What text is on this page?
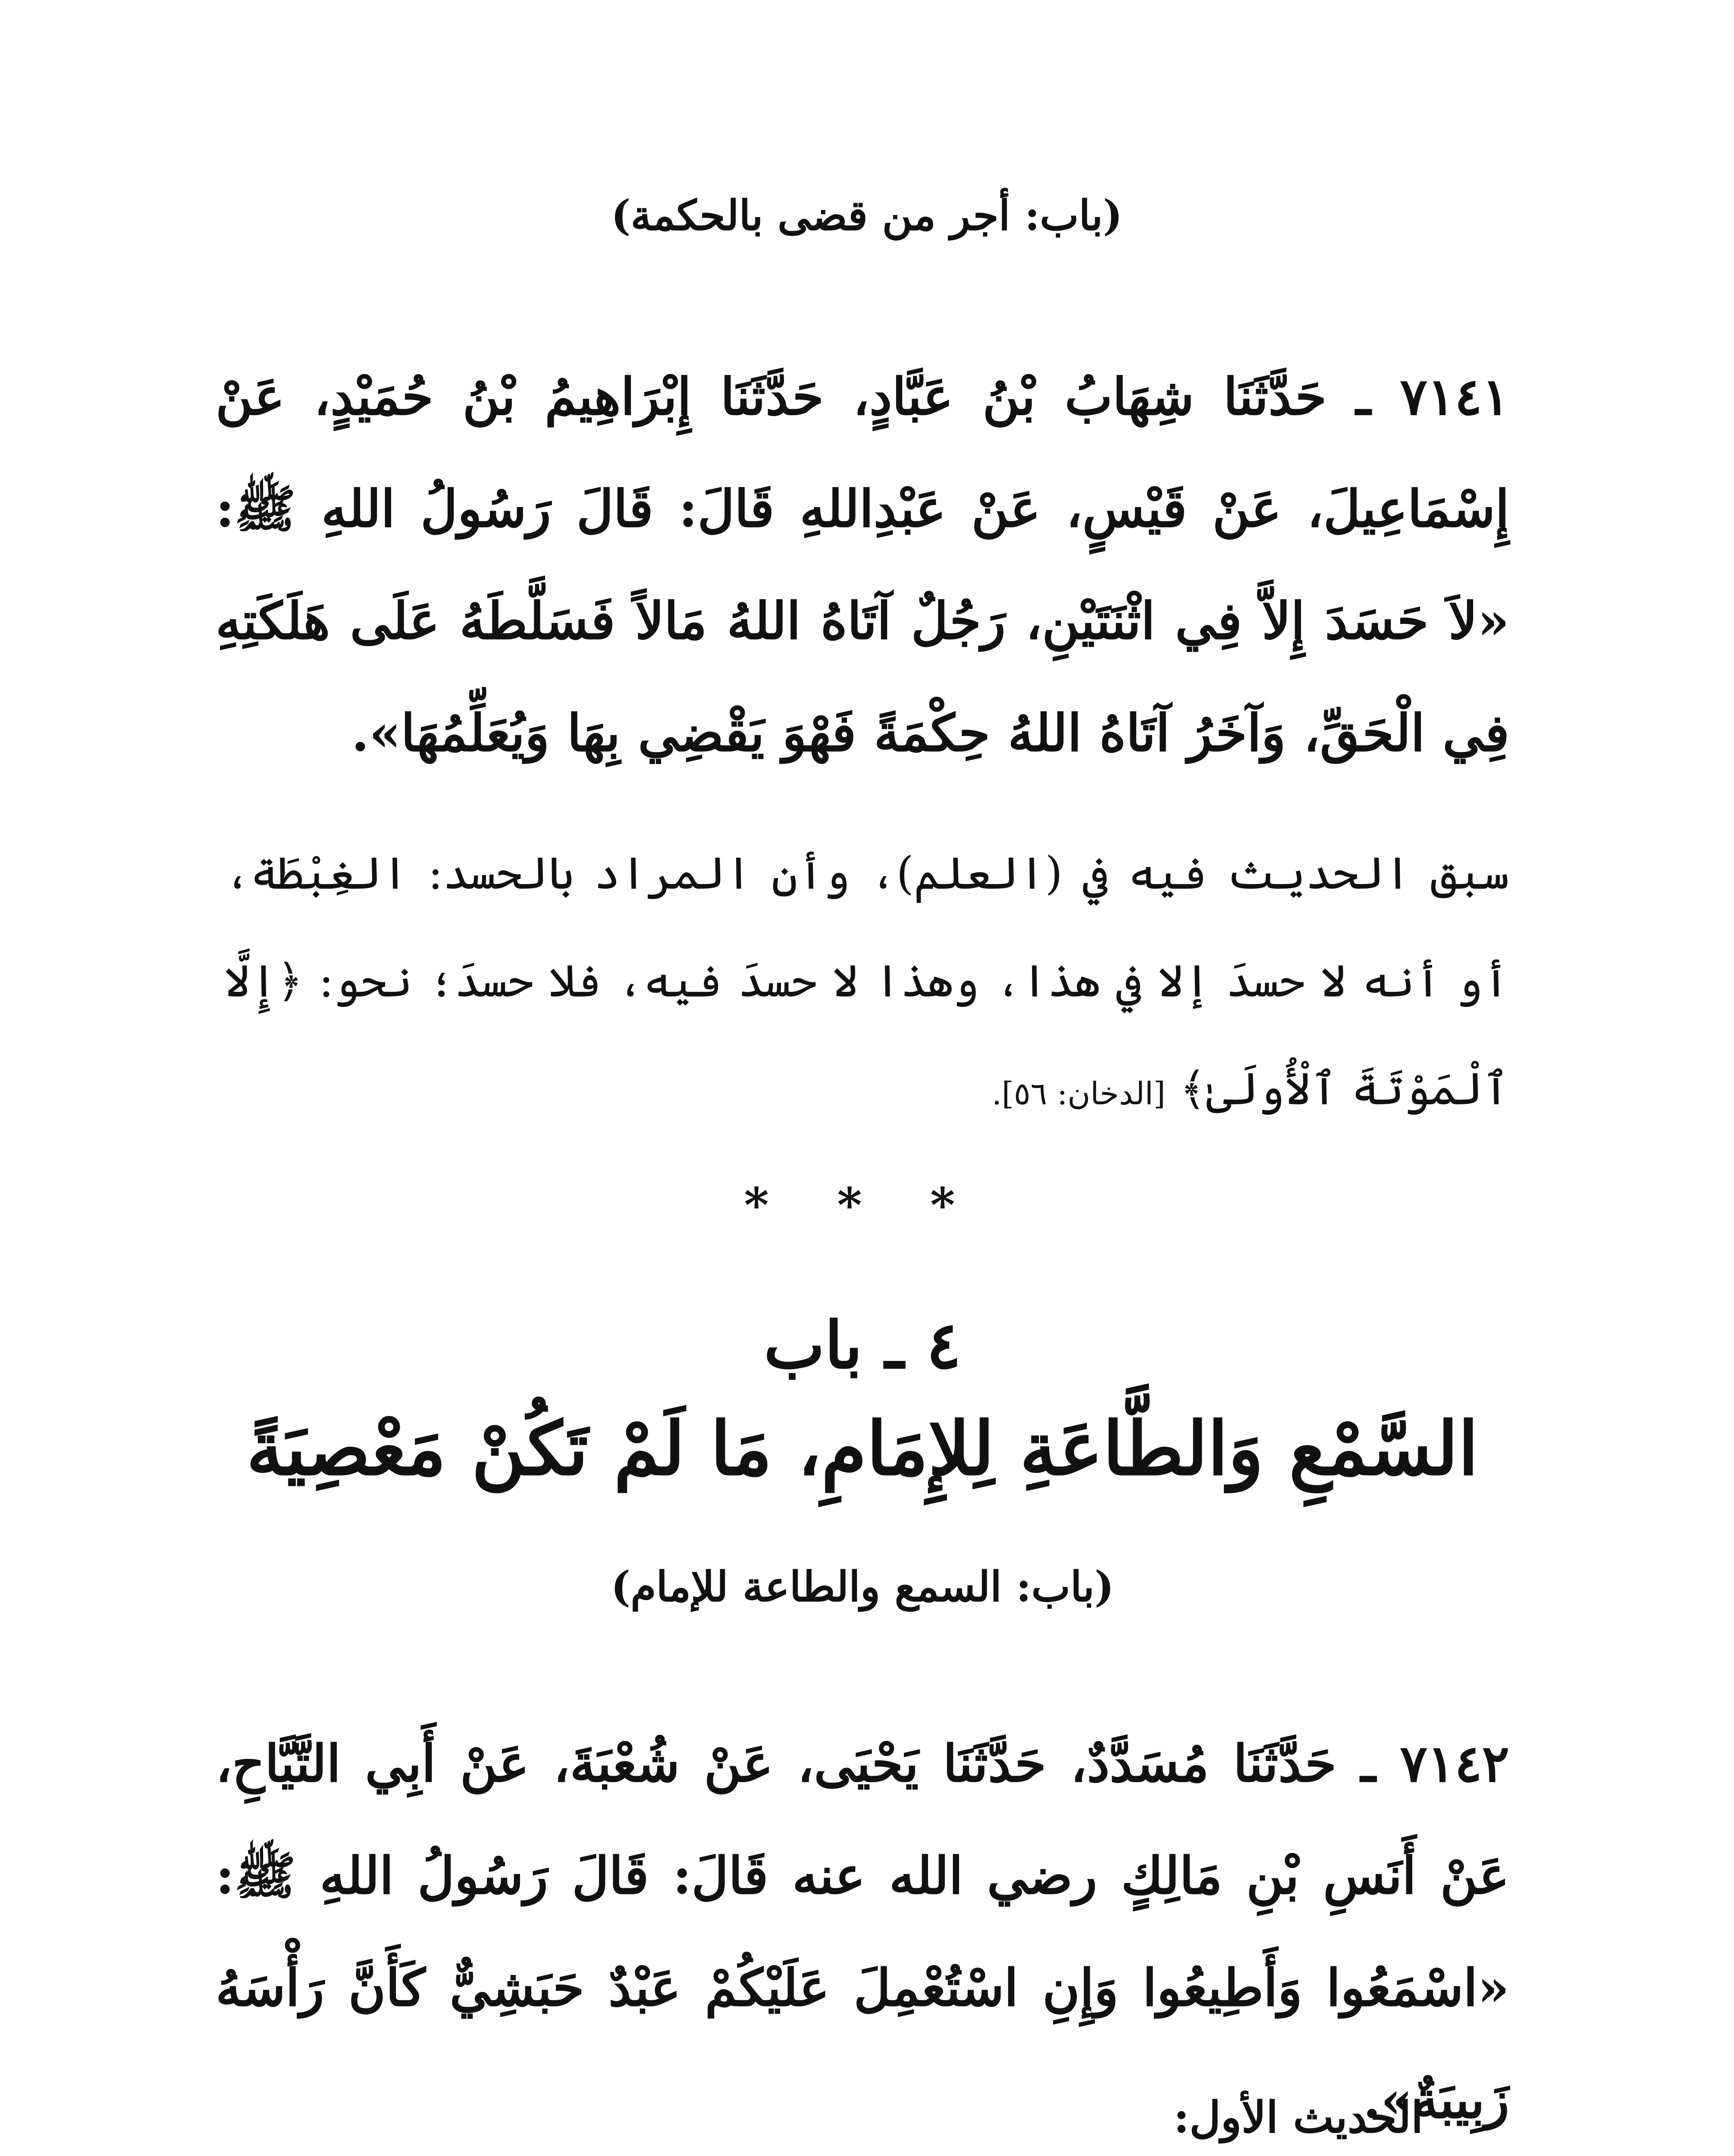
(باب: أجر من قضى بالحكمة)
٧١٤١ ـ حَدَّثَنَا شِهَابُ بْنُ عَبَّادٍ، حَدَّثَنَا إِبْرَاهِيمُ بْنُ حُمَيْدٍ، عَنْ إِسْمَاعِيلَ، عَنْ قَيْسٍ، عَنْ عَبْدِاللهِ قَالَ: قَالَ رَسُولُ اللهِ ﷺ: «لاَ حَسَدَ إِلاَّ فِي اثْنَتَيْنِ، رَجُلٌ آتَاهُ اللهُ مَالاً فَسَلَّطَهُ عَلَى هَلَكَتِهِ فِي الْحَقِّ، وَآخَرُ آتَاهُ اللهُ حِكْمَةً فَهْوَ يَقْضِي بِهَا وَيُعَلِّمُهَا».
سبق الحديث فيه في (العلم)، وأن المراد بالحسد: الغِبْطَة، أو أنه لا حسدَ إلا في هذا، وهذا لا حسدَ فيه، فلا حسدَ؛ نحو: ﴿إِلَّا ٱلْمَوْتَةَ ٱلْأُولَىٰ﴾ [الدخان: ٥٦].
* * *
٤ ـ باب
السَّمْعِ وَالطَّاعَةِ لِلإِمَامِ، مَا لَمْ تَكُنْ مَعْصِيَةً
(باب: السمع والطاعة للإمام)
٧١٤٢ ـ حَدَّثَنَا مُسَدَّدٌ، حَدَّثَنَا يَحْيَى، عَنْ شُعْبَةَ، عَنْ أَبِي التَّيَّاحِ، عَنْ أَنَسِ بْنِ مَالِكٍ رضي الله عنه قَالَ: قَالَ رَسُولُ اللهِ ﷺ: «اسْمَعُوا وَأَطِيعُوا وَإِنِ اسْتُعْمِلَ عَلَيْكُمْ عَبْدٌ حَبَشِيٌّ كَأَنَّ رَأْسَهُ زَبِيبَةٌ».
الحديث الأول:
